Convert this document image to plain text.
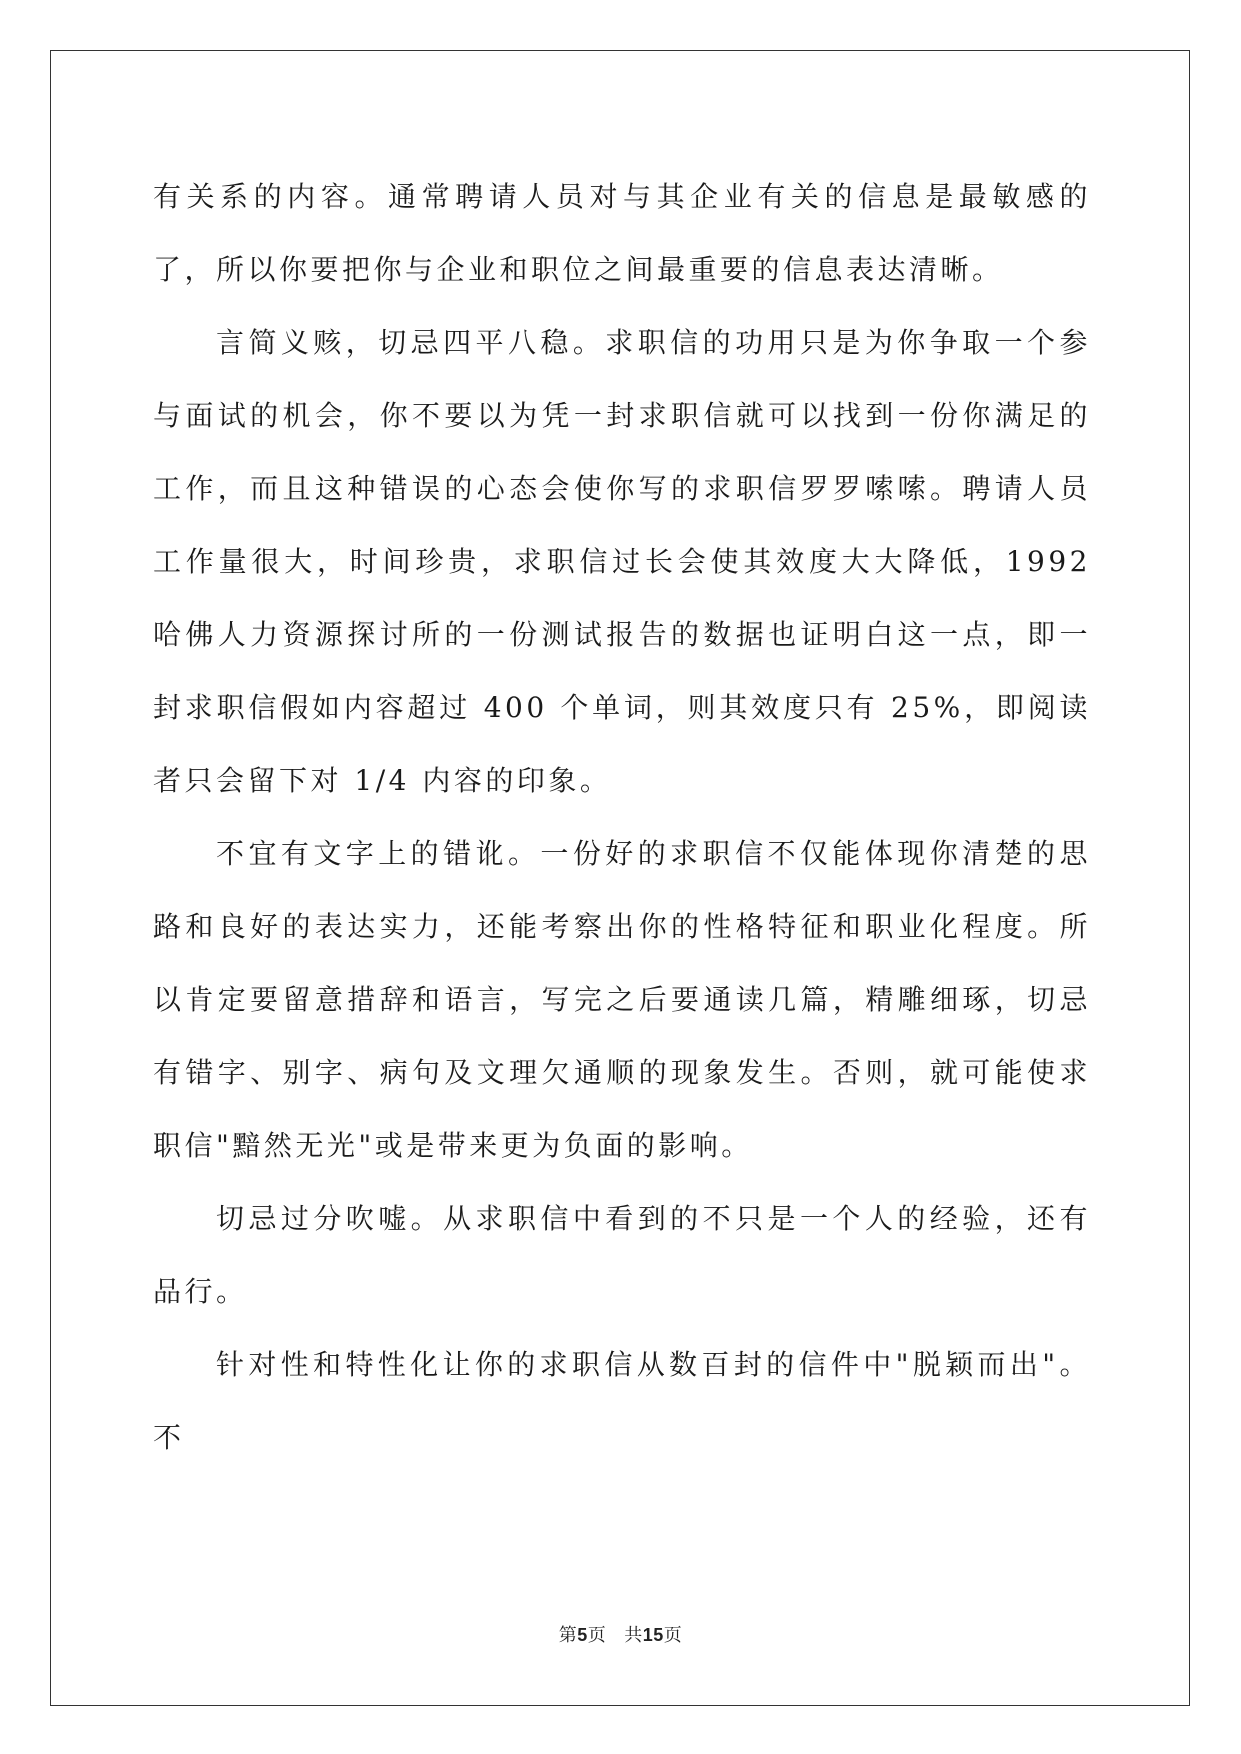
有关系的内容。通常聘请人员对与其企业有关的信息是最敏感的了，所以你要把你与企业和职位之间最重要的信息表达清晰。

言简义赅，切忌四平八稳。求职信的功用只是为你争取一个参与面试的机会，你不要以为凭一封求职信就可以找到一份你满足的工作，而且这种错误的心态会使你写的求职信罗罗嗦嗦。聘请人员工作量很大，时间珍贵，求职信过长会使其效度大大降低，1992 哈佛人力资源探讨所的一份测试报告的数据也证明白这一点，即一封求职信假如内容超过 400 个单词，则其效度只有 25%，即阅读者只会留下对 1/4 内容的印象。

不宜有文字上的错讹。一份好的求职信不仅能体现你清楚的思路和良好的表达实力，还能考察出你的性格特征和职业化程度。所以肯定要留意措辞和语言，写完之后要通读几篇，精雕细琢，切忌有错字、别字、病句及文理欠通顺的现象发生。否则，就可能使求职信"黯然无光"或是带来更为负面的影响。

切忌过分吹嘘。从求职信中看到的不只是一个人的经验，还有品行。

针对性和特性化让你的求职信从数百封的信件中"脱颖而出"。不

第5页 共15页
